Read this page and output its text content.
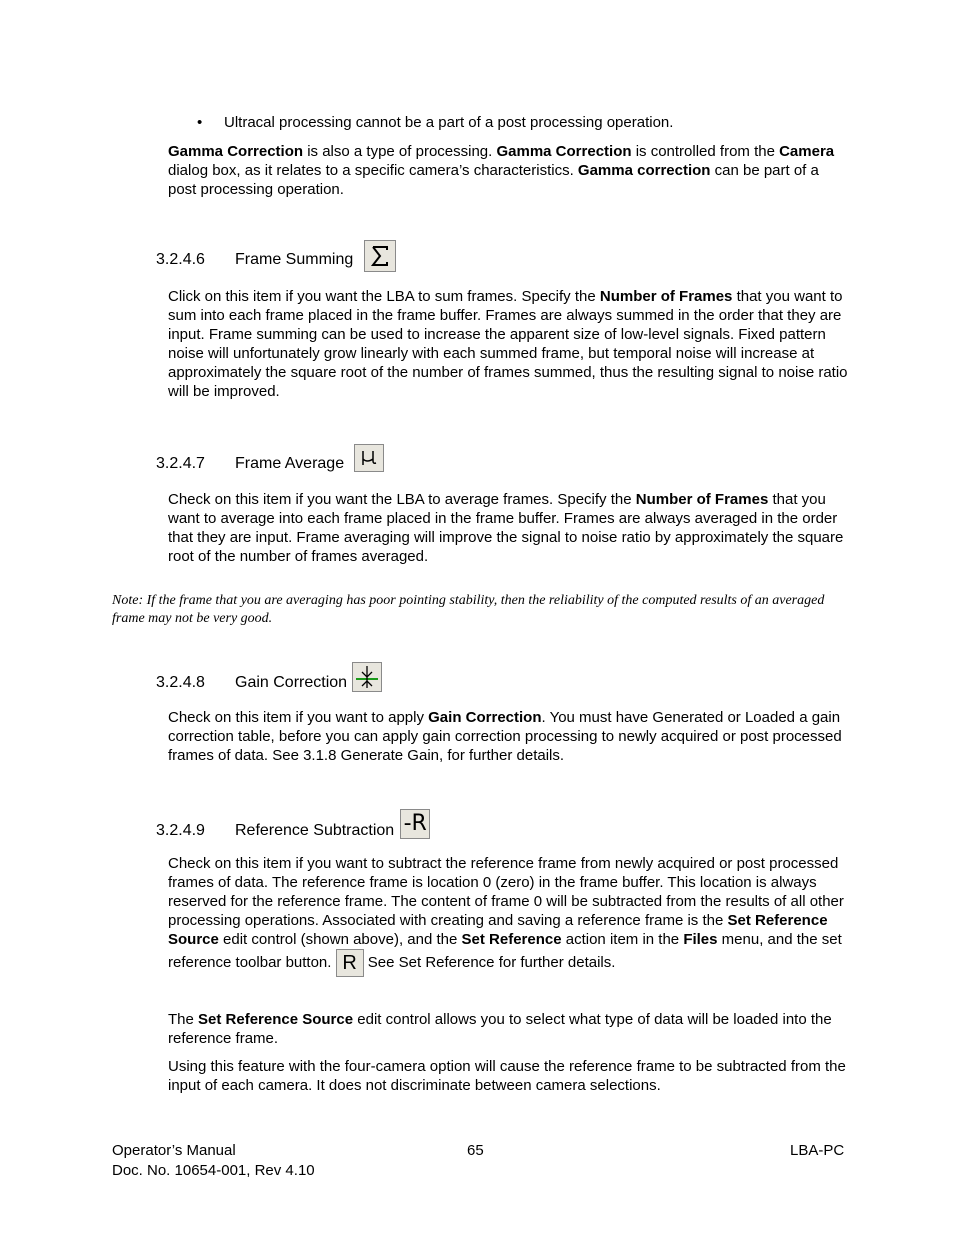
• Ultracal processing cannot be a part of a post processing operation.

Gamma Correction is also a type of processing. Gamma Correction is controlled from the Camera dialog box, as it relates to a specific camera’s characteristics. Gamma correction can be part of a post processing operation.

3.2.4.6	Frame Summing

Click on this item if you want the LBA to sum frames. Specify the Number of Frames that you want to sum into each frame placed in the frame buffer. Frames are always summed in the order that they are input. Frame summing can be used to increase the apparent size of low-level signals. Fixed pattern noise will unfortunately grow linearly with each summed frame, but temporal noise will increase at approximately the square root of the number of frames summed, thus the resulting signal to noise ratio will be improved.

3.2.4.7	Frame Average

Check on this item if you want the LBA to average frames. Specify the Number of Frames that you want to average into each frame placed in the frame buffer. Frames are always averaged in the order that they are input. Frame averaging will improve the signal to noise ratio by approximately the square root of the number of frames averaged.

Note: If the frame that you are averaging has poor pointing stability, then the reliability of the computed results of an averaged frame may not be very good.

3.2.4.8	Gain Correction

Check on this item if you want to apply Gain Correction. You must have Generated or Loaded a gain correction table, before you can apply gain correction processing to newly acquired or post processed frames of data. See 3.1.8 Generate Gain, for further details.

3.2.4.9	Reference Subtraction -R

Check on this item if you want to subtract the reference frame from newly acquired or post processed frames of data. The reference frame is location 0 (zero) in the frame buffer. This location is always reserved for the reference frame. The content of frame 0 will be subtracted from the results of all other processing operations. Associated with creating and saving a reference frame is the Set Reference Source edit control (shown above), and the Set Reference action item in the Files menu, and the set reference toolbar button. R See Set Reference for further details.

The Set Reference Source edit control allows you to select what type of data will be loaded into the reference frame.

Using this feature with the four-camera option will cause the reference frame to be subtracted from the input of each camera. It does not discriminate between camera selections.

Operator’s Manual
Doc. No. 10654-001, Rev 4.10
65	LBA-PC
